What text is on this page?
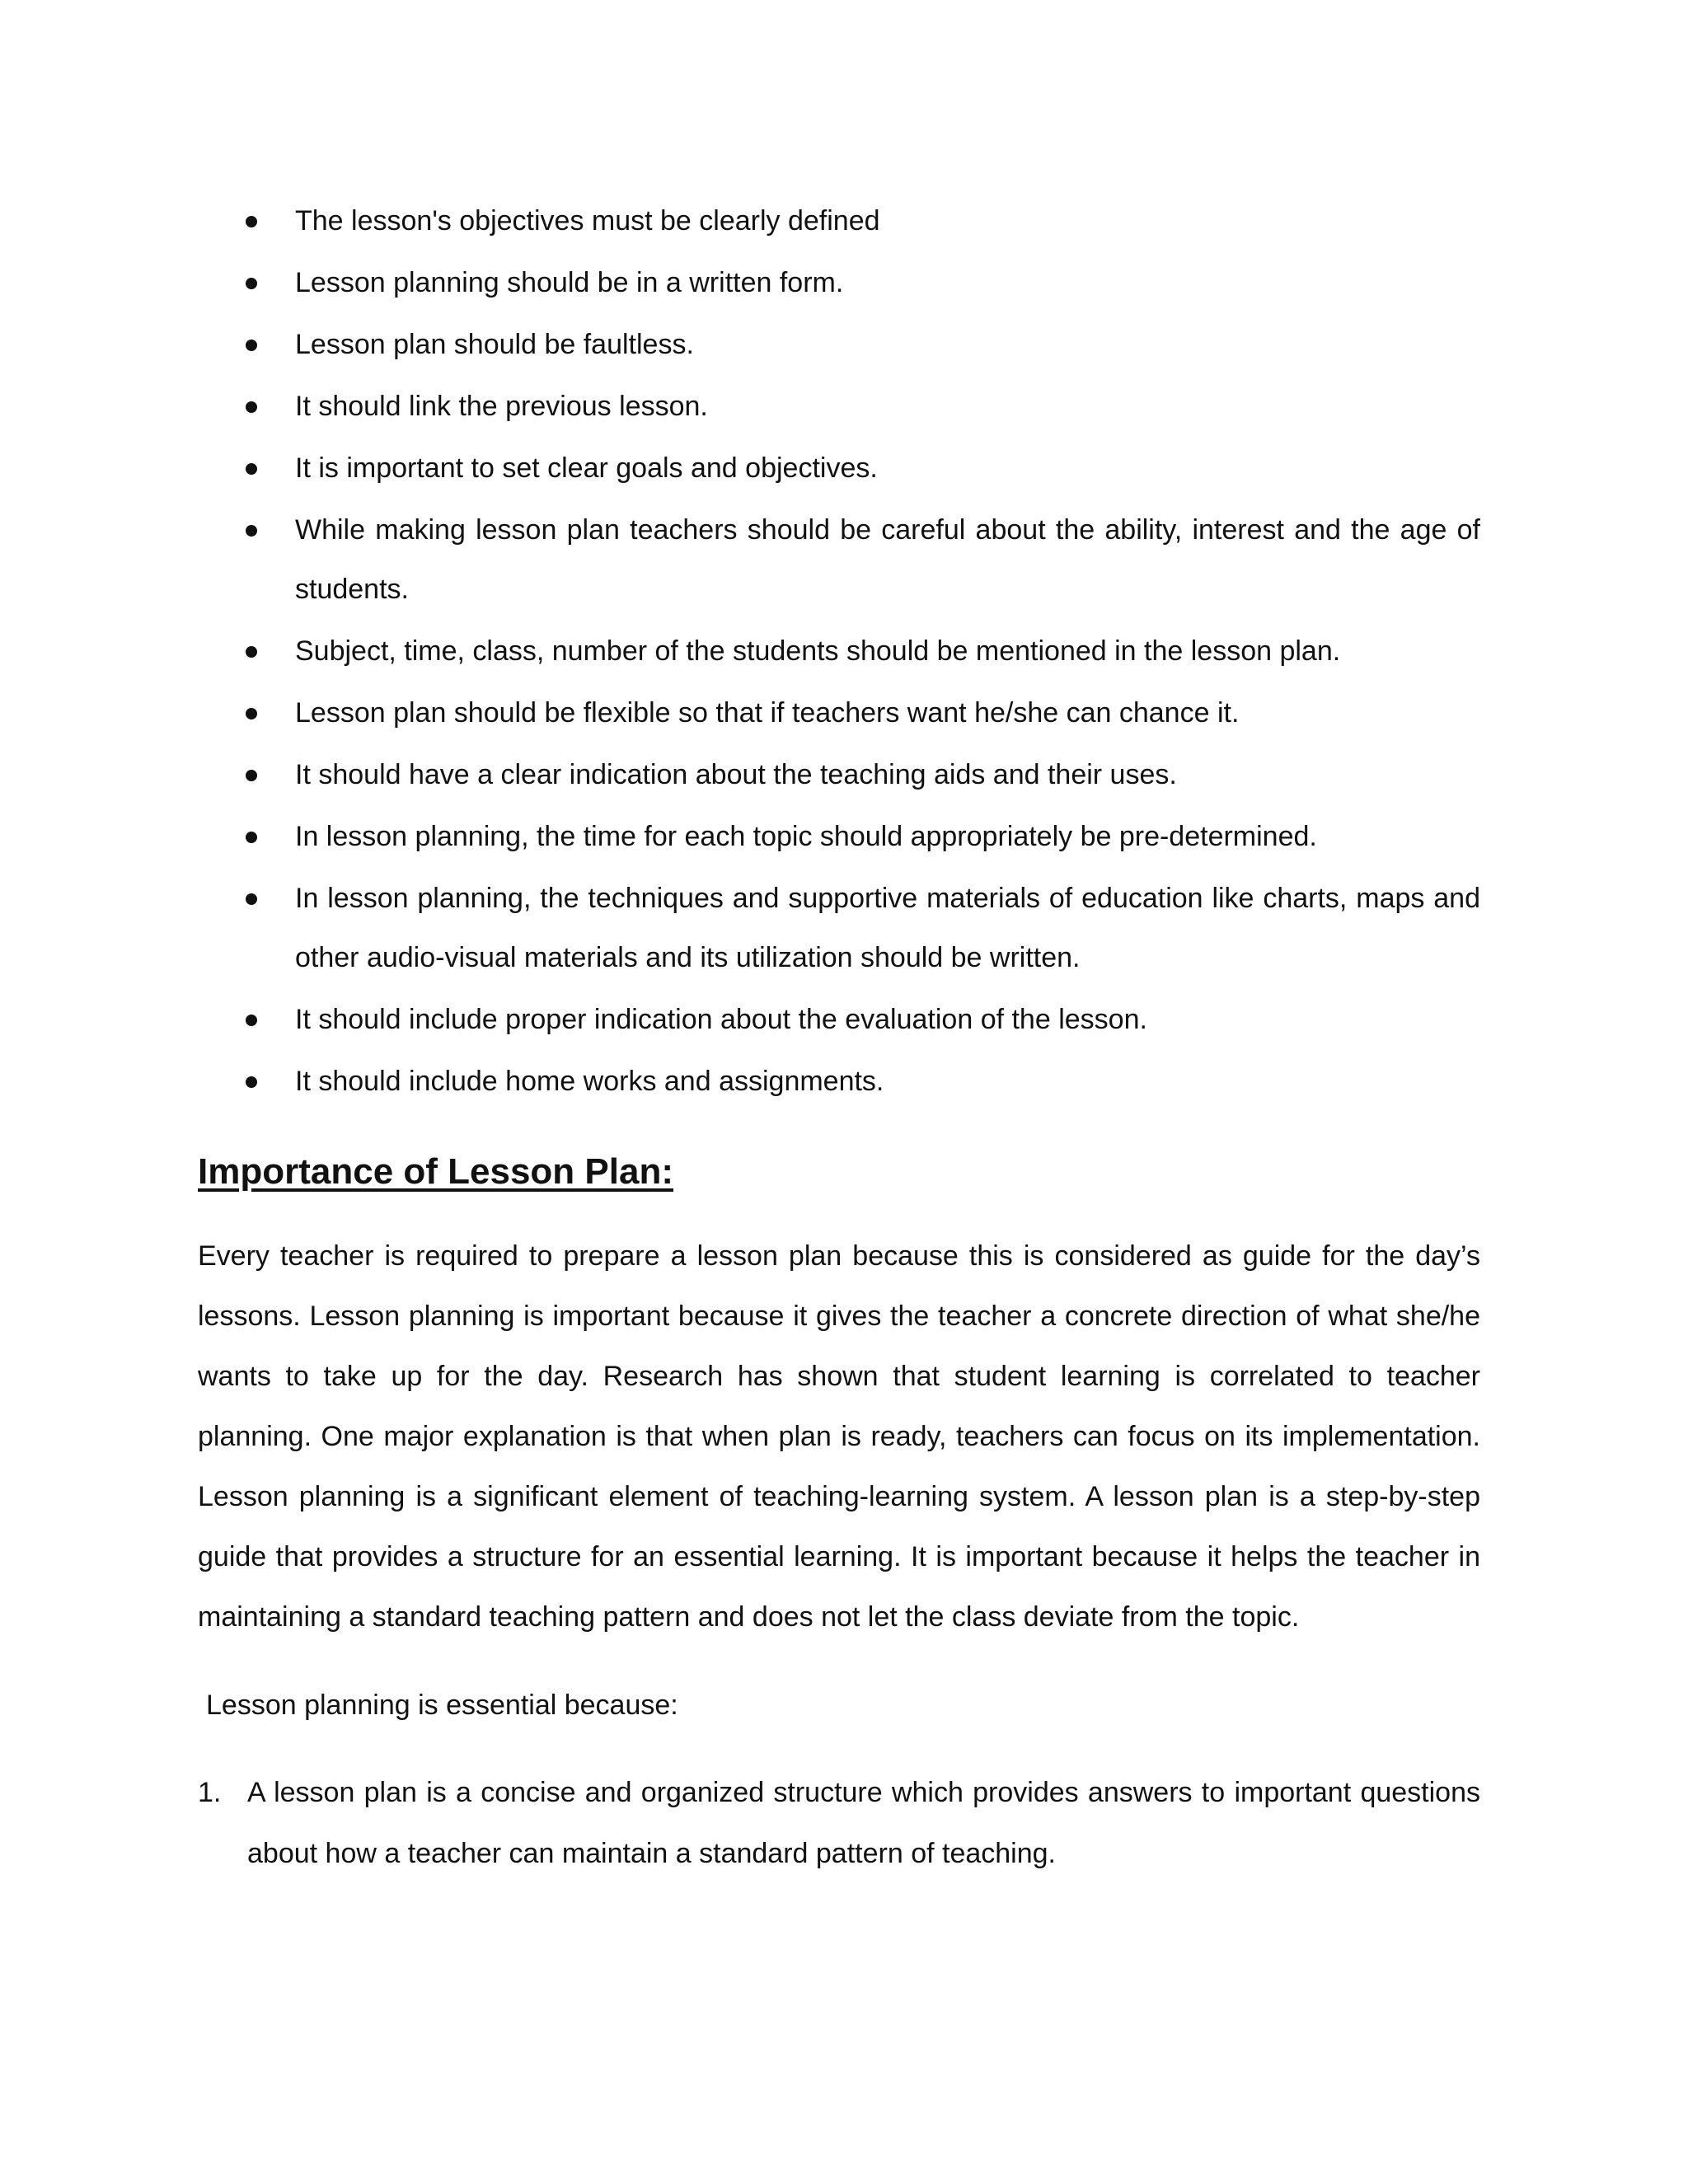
The lesson's objectives must be clearly defined
Lesson planning should be in a written form.
Lesson plan should be faultless.
It should link the previous lesson.
It is important to set clear goals and objectives.
While making lesson plan teachers should be careful about the ability, interest and the age of students.
Subject, time, class, number of the students should be mentioned in the lesson plan.
Lesson plan should be flexible so that if teachers want he/she can chance it.
It should have a clear indication about the teaching aids and their uses.
In lesson planning, the time for each topic should appropriately be pre-determined.
In lesson planning, the techniques and supportive materials of education like charts, maps and other audio-visual materials and its utilization should be written.
It should include proper indication about the evaluation of the lesson.
It should include home works and assignments.
Importance of Lesson Plan:

Every teacher is required to prepare a lesson plan because this is considered as guide for the day’s lessons. Lesson planning is important because it gives the teacher a concrete direction of what she/he wants to take up for the day. Research has shown that student learning is correlated to teacher planning. One major explanation is that when plan is ready, teachers can focus on its implementation. Lesson planning is a significant element of teaching-learning system. A lesson plan is a step-by-step guide that provides a structure for an essential learning. It is important because it helps the teacher in maintaining a standard teaching pattern and does not let the class deviate from the topic.

Lesson planning is essential because:

1. A lesson plan is a concise and organized structure which provides answers to important questions about how a teacher can maintain a standard pattern of teaching.
